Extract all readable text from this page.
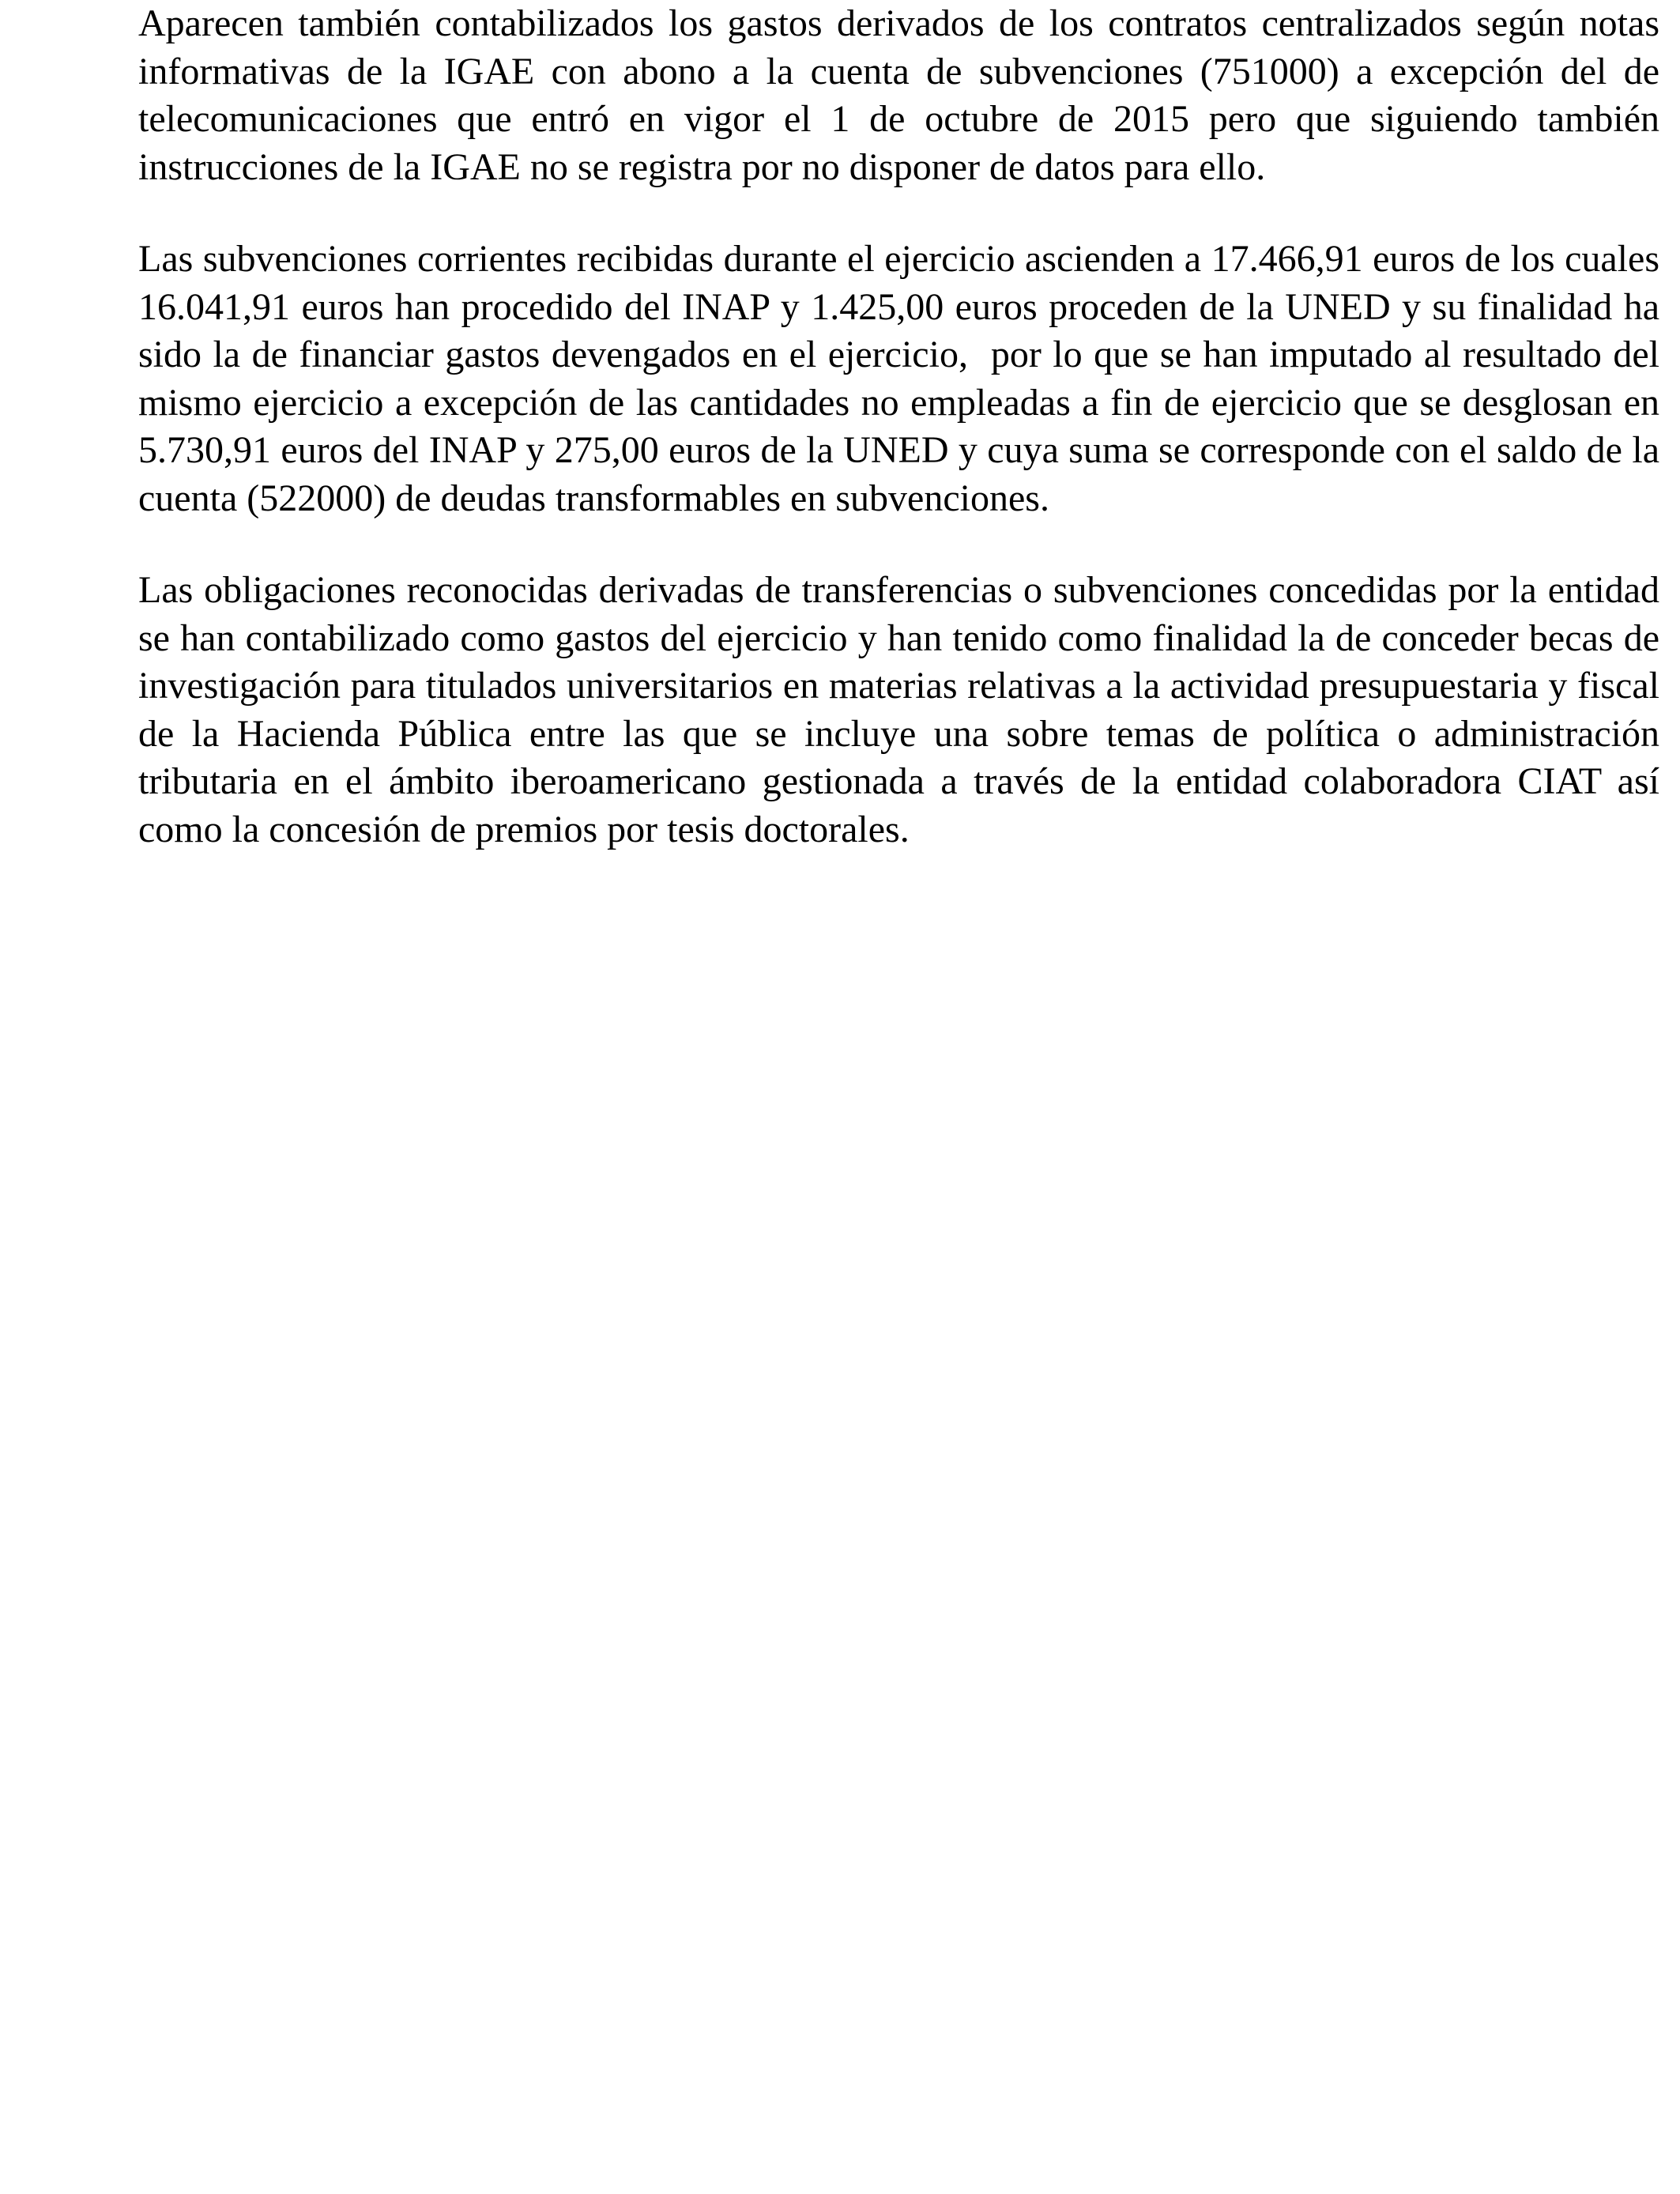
Aparecen también contabilizados los gastos derivados de los contratos centralizados según notas informativas de la IGAE con abono a la cuenta de subvenciones (751000) a excepción del de telecomunicaciones que entró en vigor el 1 de octubre de 2015 pero que siguiendo también  instrucciones de la IGAE no se registra por no disponer de datos para ello.

Las subvenciones corrientes recibidas durante el ejercicio ascienden a 17.466,91 euros de los cuales  16.041,91 euros han procedido del INAP y 1.425,00 euros proceden de la UNED y su finalidad ha sido la de financiar gastos devengados en el ejercicio,  por lo que se han imputado al resultado del mismo ejercicio a excepción de las cantidades no empleadas a fin de ejercicio que se desglosan en 5.730,91 euros del INAP y 275,00 euros de la UNED y cuya suma se corresponde con el saldo de la cuenta (522000) de deudas transformables en subvenciones.

Las obligaciones reconocidas derivadas de transferencias o subvenciones concedidas por la entidad se han contabilizado como gastos del ejercicio y han tenido como finalidad la de conceder becas de investigación para titulados universitarios en materias relativas a la actividad presupuestaria y fiscal de la Hacienda Pública entre las que se incluye una sobre temas de política o administración tributaria en el ámbito iberoamericano gestionada a través de la entidad colaboradora CIAT así como la concesión de premios por tesis doctorales.
